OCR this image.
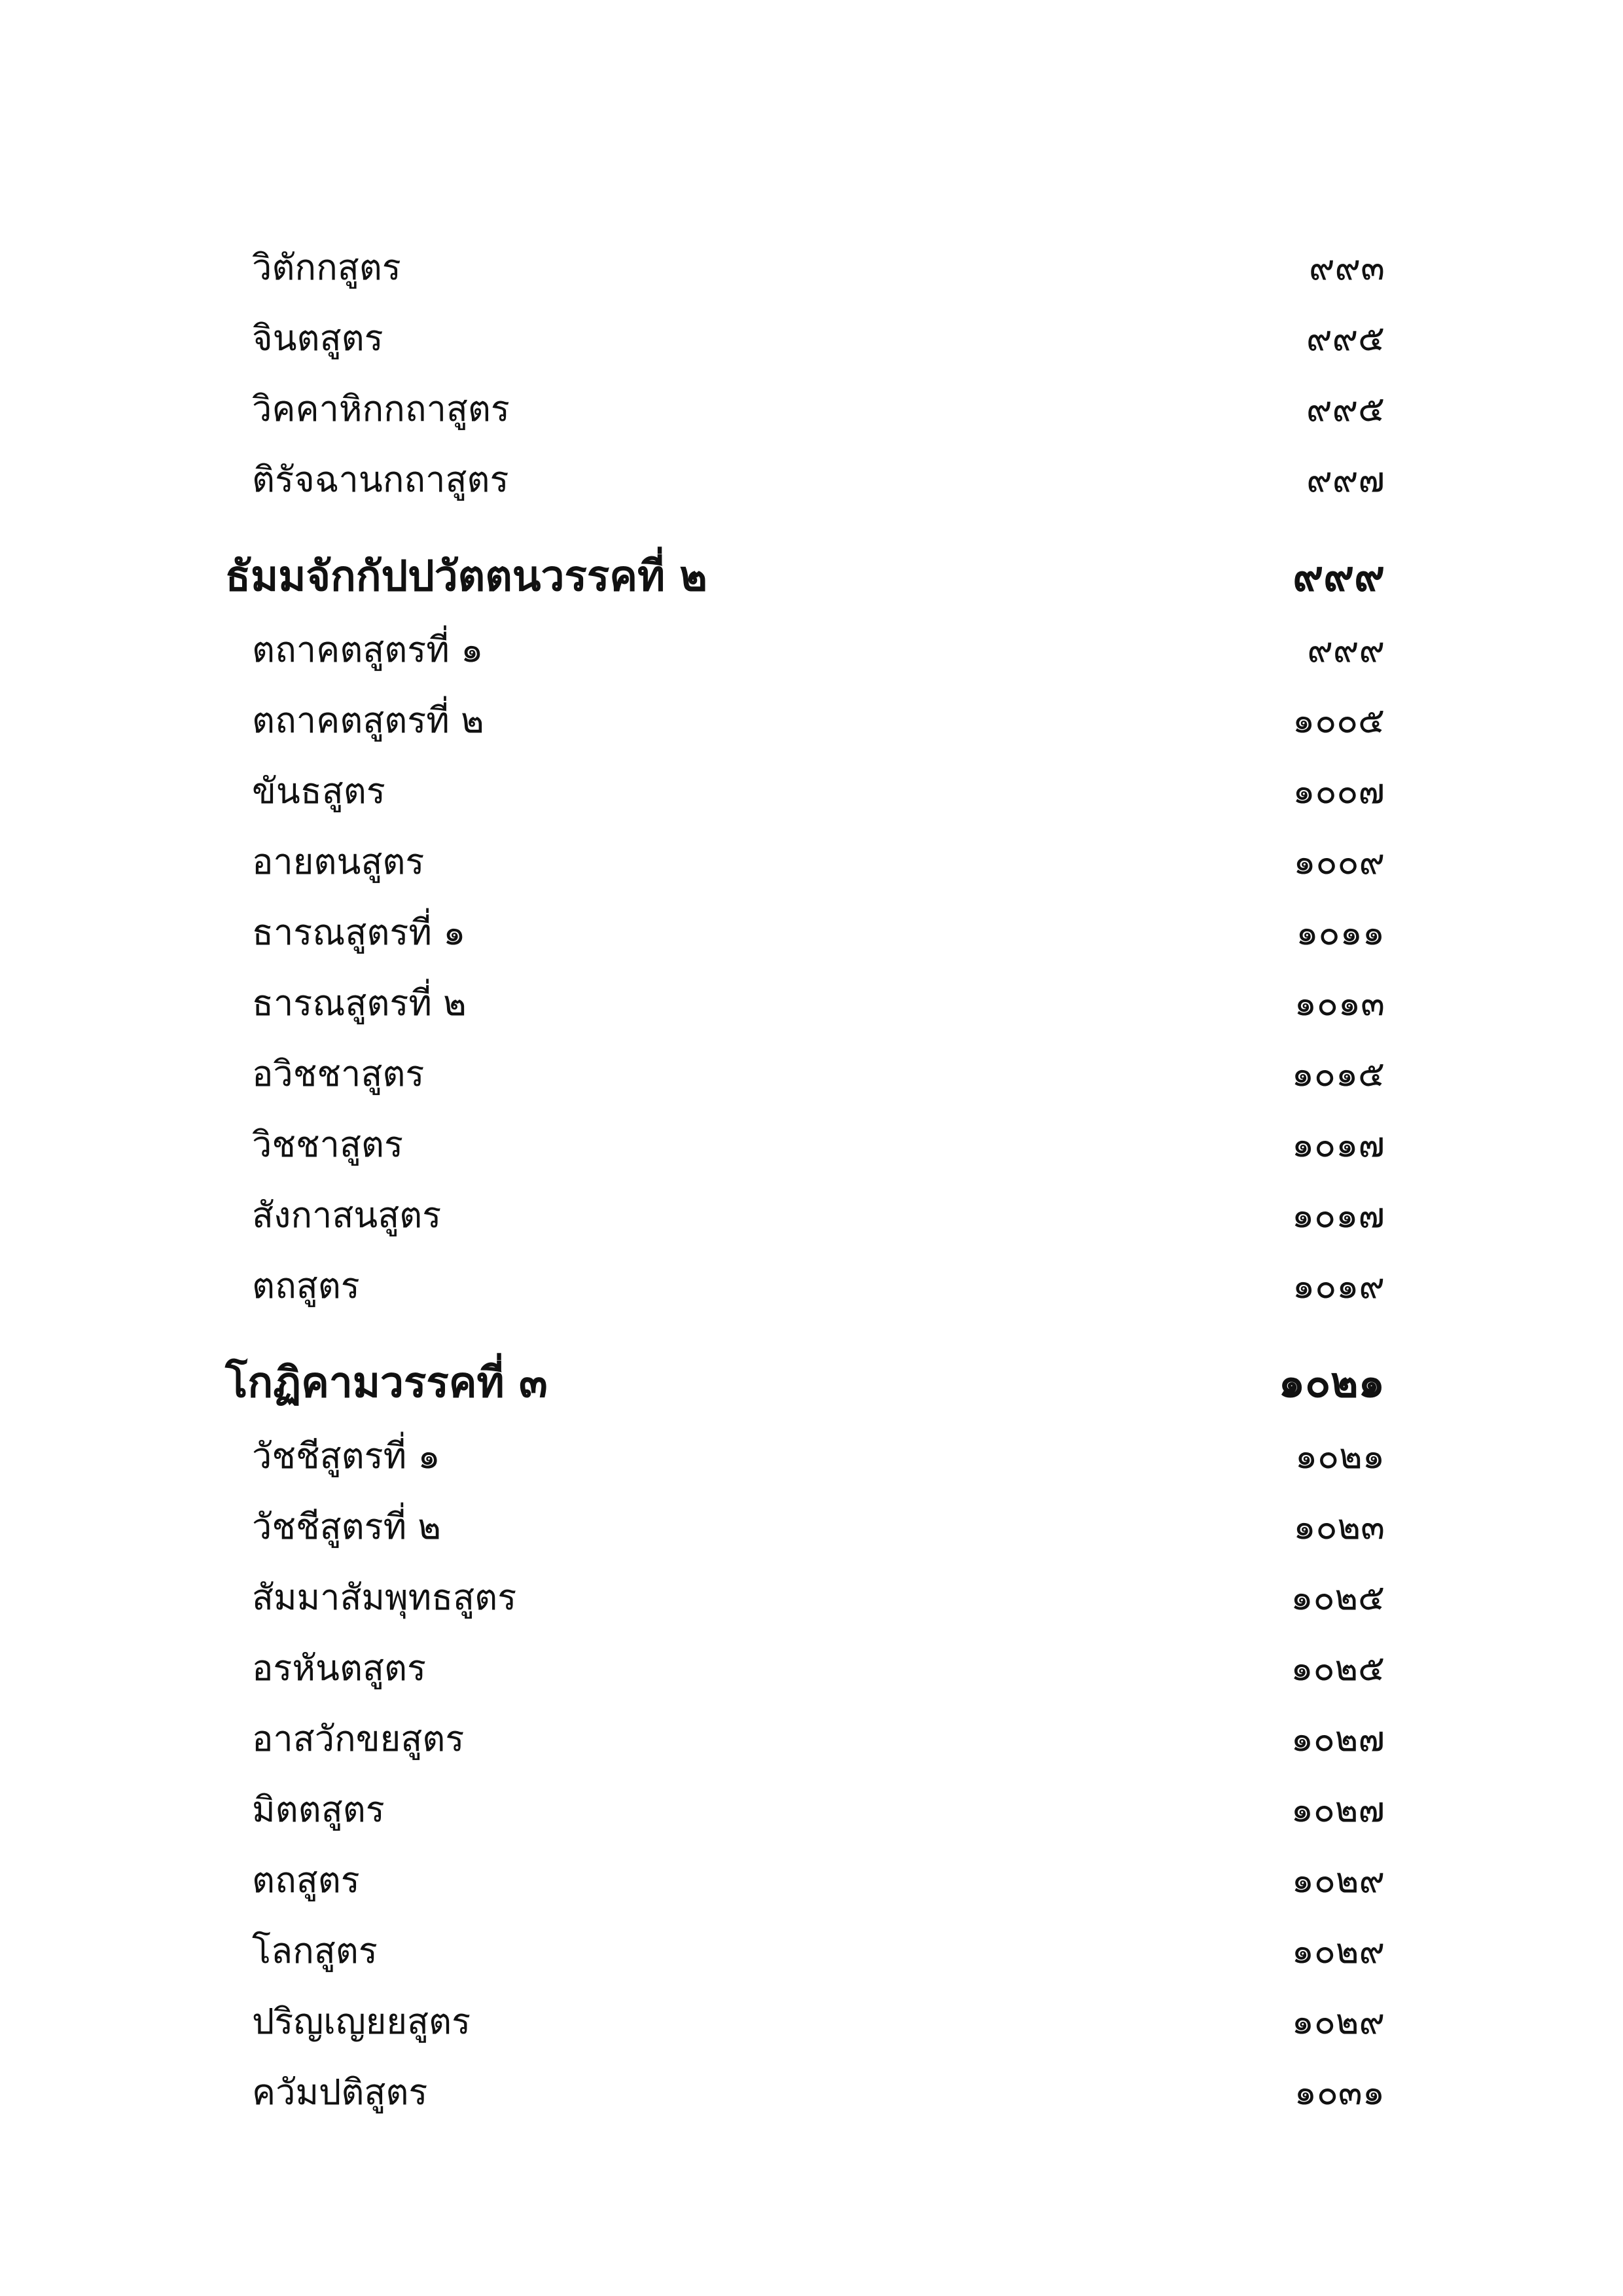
วิตักกสูตร	๙๙๓
จินตสูตร	๙๙๕
วิคคาหิกกถาสูตร	๙๙๕
ติรัจฉานกถาสูตร	๙๙๗
ธัมมจักกัปปวัตตนวรรคที่ ๒	๙๙๙
ตถาคตสูตรที่ ๑	๙๙๙
ตถาคตสูตรที่ ๒	๑๐๐๕
ขันธสูตร	๑๐๐๗
อายตนสูตร	๑๐๐๙
ธารณสูตรที่ ๑	๑๐๑๑
ธารณสูตรที่ ๒	๑๐๑๓
อวิชชาสูตร	๑๐๑๕
วิชชาสูตร	๑๐๑๗
สังกาสนสูตร	๑๐๑๗
ตถสูตร	๑๐๑๙
โกฏิคามวรรคที่ ๓	๑๐๒๑
วัชชีสูตรที่ ๑	๑๐๒๑
วัชชีสูตรที่ ๒	๑๐๒๓
สัมมาสัมพุทธสูตร	๑๐๒๕
อรหันตสูตร	๑๐๒๕
อาสวักขยสูตร	๑๐๒๗
มิตตสูตร	๑๐๒๗
ตถสูตร	๑๐๒๙
โลกสูตร	๑๐๒๙
ปริญเญยยสูตร	๑๐๒๙
ควัมปติสูตร	๑๐๓๑
